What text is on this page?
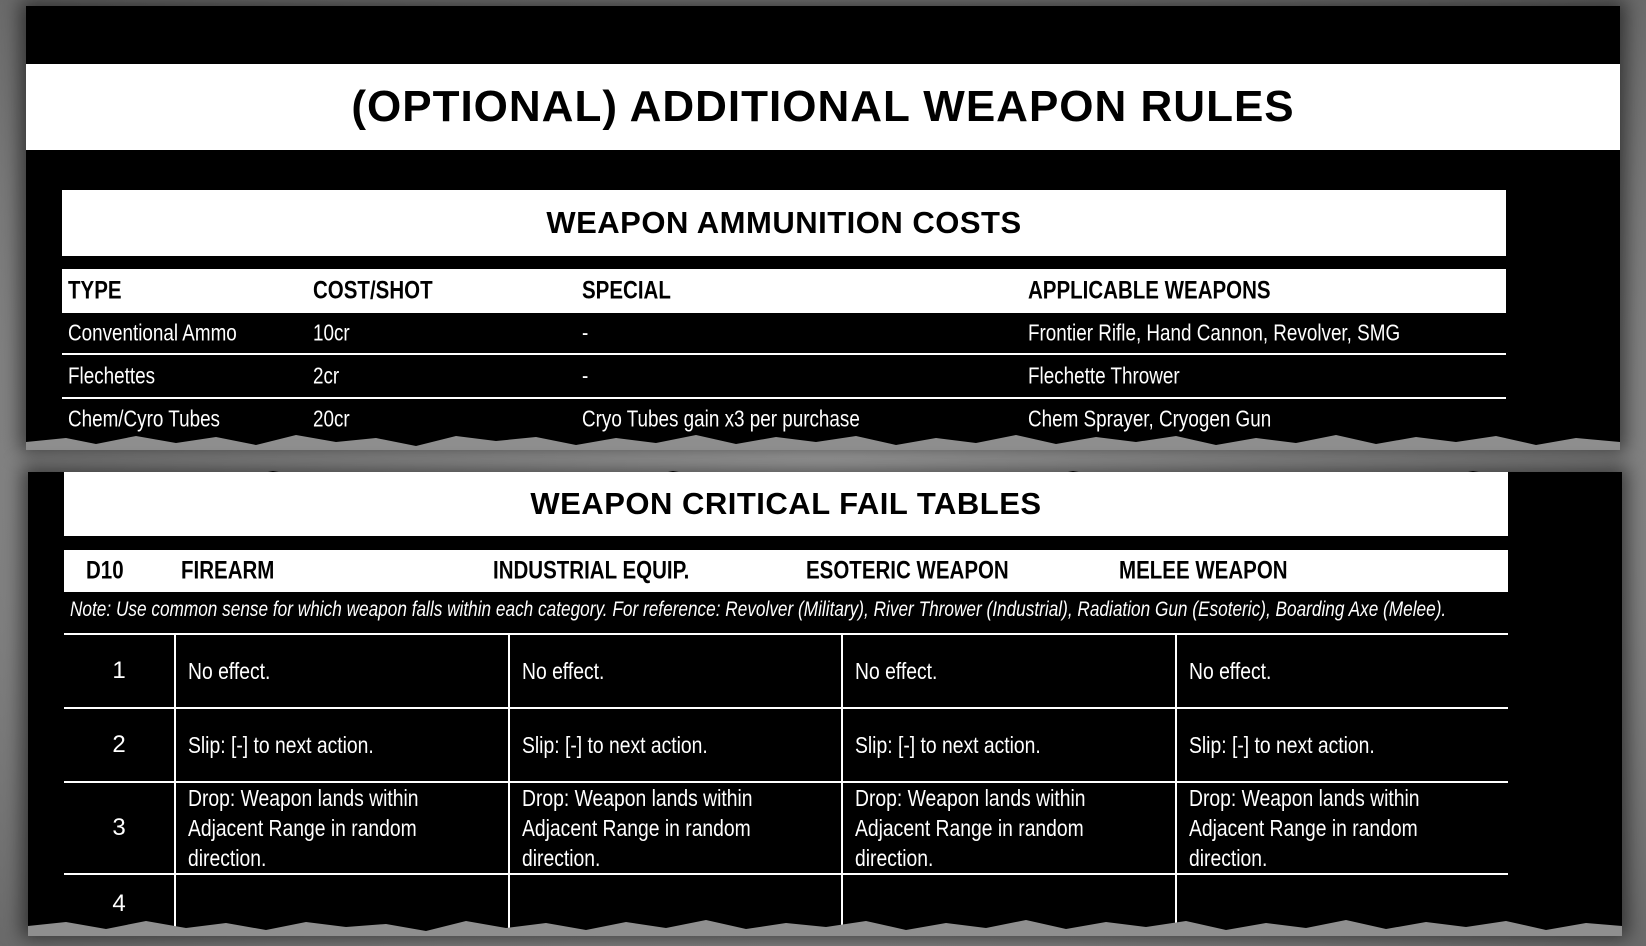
(OPTIONAL) ADDITIONAL WEAPON RULES
WEAPON AMMUNITION COSTS
TYPE	COST/SHOT	SPECIAL	APPLICABLE WEAPONS
Conventional Ammo	10cr	-	Frontier Rifle, Hand Cannon, Revolver, SMG
Flechettes	2cr	-	Flechette Thrower
Chem/Cyro Tubes	20cr	Cryo Tubes gain x3 per purchase	Chem Sprayer, Cryogen Gun
WEAPON CRITICAL FAIL TABLES
D10 FIREARM	INDUSTRIAL EQUIP.	ESOTERIC WEAPON	MELEE WEAPON
Note: Use common sense for which weapon falls within each category. For reference: Revolver (Military), River Thrower (Industrial), Radiation Gun (Esoteric), Boarding Axe (Melee).
1	No effect.	No effect.	No effect.	No effect.
2	Slip: [-] to next action.	Slip: [-] to next action.	Slip: [-] to next action.	Slip: [-] to next action.
3	Drop: Weapon lands within Adjacent Range in random direction.	Drop: Weapon lands within Adjacent Range in random direction.	Drop: Weapon lands within Adjacent Range in random direction.	Drop: Weapon lands within Adjacent Range in random direction.
4				
